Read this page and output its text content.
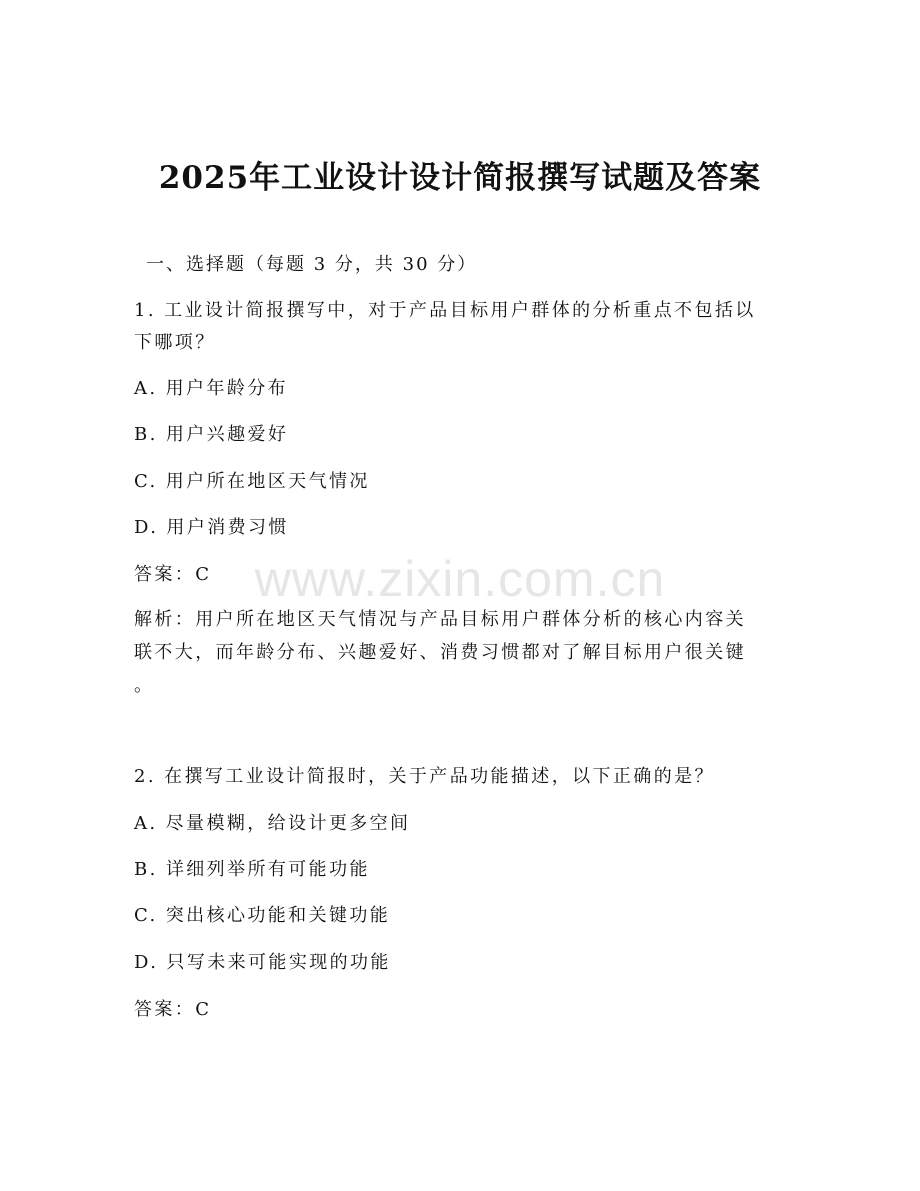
www.zixin.com.cn
2025年工业设计设计简报撰写试题及答案
一、选择题（每题 3 分，共 30 分）
1. 工业设计简报撰写中，对于产品目标用户群体的分析重点不包括以
下哪项？
A. 用户年龄分布
B. 用户兴趣爱好
C. 用户所在地区天气情况
D. 用户消费习惯
答案：C
解析：用户所在地区天气情况与产品目标用户群体分析的核心内容关
联不大，而年龄分布、兴趣爱好、消费习惯都对了解目标用户很关键
。
2. 在撰写工业设计简报时，关于产品功能描述，以下正确的是？
A. 尽量模糊，给设计更多空间
B. 详细列举所有可能功能
C. 突出核心功能和关键功能
D. 只写未来可能实现的功能
答案：C
